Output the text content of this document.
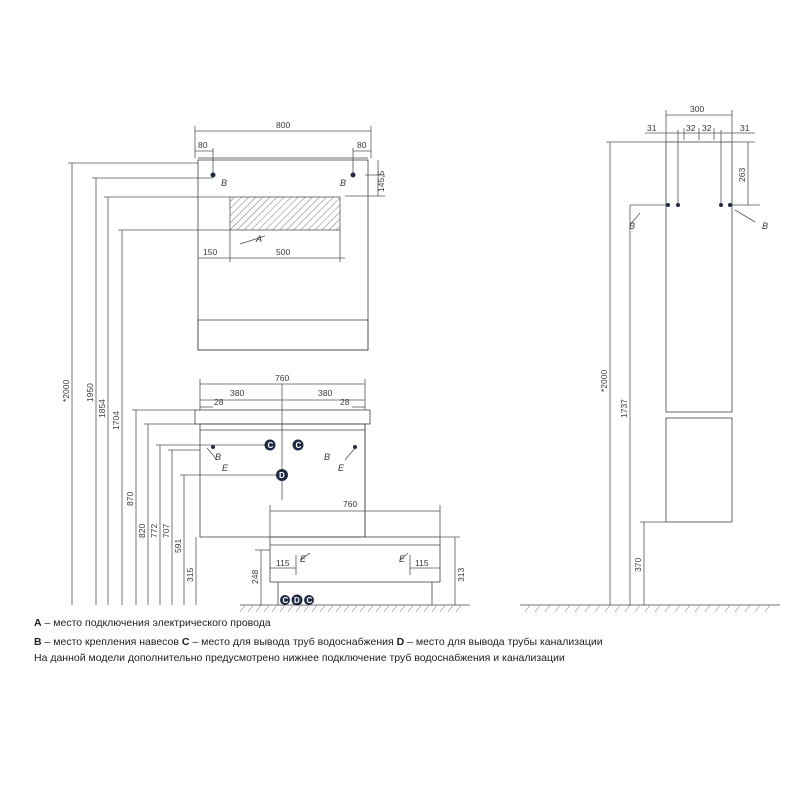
C	C
D
C D C
800
80	80
145,5
B	B
A
150	500
760
380	380
28	28
B	B
E	E
760
E	E
115	115
*2000 1950
1854
1704
870
820 772 707
591
315	248	313
300
31	32 32	31
263
*2000
1737
370
B	B
A – место подключения электрического провода
B – место крепления навесов C – место для вывода труб водоснабжения D – место для вывода трубы канализации
На данной модели дополнительно предусмотрено нижнее подключение труб водоснабжения и канализации
